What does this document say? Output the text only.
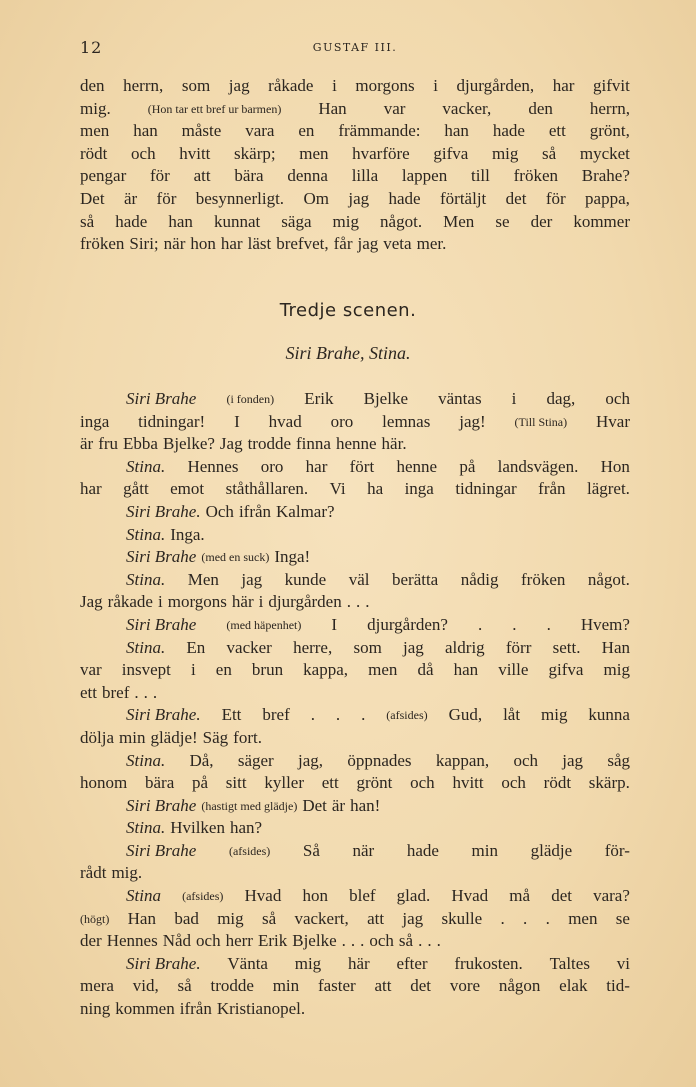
12	GUSTAF III.
den herrn, som jag råkade i morgons i djurgården, har gifvit
mig.	(Hon tar ett bref ur barmen) Han var vacker, den herrn,
men han måste vara en främmande: han hade ett grönt,
rödt och hvitt skärp; men hvarföre gifva mig så mycket
pengar för att bära denna lilla lappen till fröken Brahe?
Det är för besynnerligt. Om jag hade förtäljt det för pappa,
så hade han kunnat säga mig något. Men se der kommer
fröken Siri; när hon har läst brefvet, får jag veta mer.
Tredje scenen.
Siri Brahe, Stina.
Siri Brahe	(i fonden) Erik Bjelke väntas i dag, och
inga tidningar! I hvad oro lemnas jag! (Till Stina) Hvar
är fru Ebba Bjelke? Jag trodde finna henne här.
Stina. Hennes oro har fört henne på landsvägen. Hon
har gått emot ståthållaren. Vi ha inga tidningar från lägret.
Siri Brahe. Och ifrån Kalmar?
Stina. Inga.
Siri Brahe (med en suck) Inga!
Stina. Men jag kunde väl berätta nådig fröken något.
Jag råkade i morgons här i djurgården . . .
Siri Brahe	(med häpenhet) I djurgården? . . . Hvem?
Stina. En vacker herre, som jag aldrig förr sett. Han
var insvept i en brun kappa, men då han ville gifva mig
ett bref . . .
Siri Brahe. Ett bref . . . (afsides) Gud, låt mig kunna
dölja min glädje! Säg fort.
Stina. Då, säger jag, öppnades kappan, och jag såg
honom bära på sitt kyller ett grönt och hvitt och rödt skärp.
Siri Brahe (hastigt med glädje) Det är han!
Stina. Hvilken han?
Siri Brahe	(afsides) Så när hade min glädje för-
rådt mig.
Stina (afsides) Hvad hon blef glad. Hvad må det vara?
(högt) Han bad mig så vackert, att jag skulle . . . men se
der Hennes Nåd och herr Erik Bjelke . . . och så . . .
Siri Brahe. Vänta mig här efter frukosten. Taltes vi
mera vid, så trodde min faster att det vore någon elak tid-
ning kommen ifrån Kristianopel.
